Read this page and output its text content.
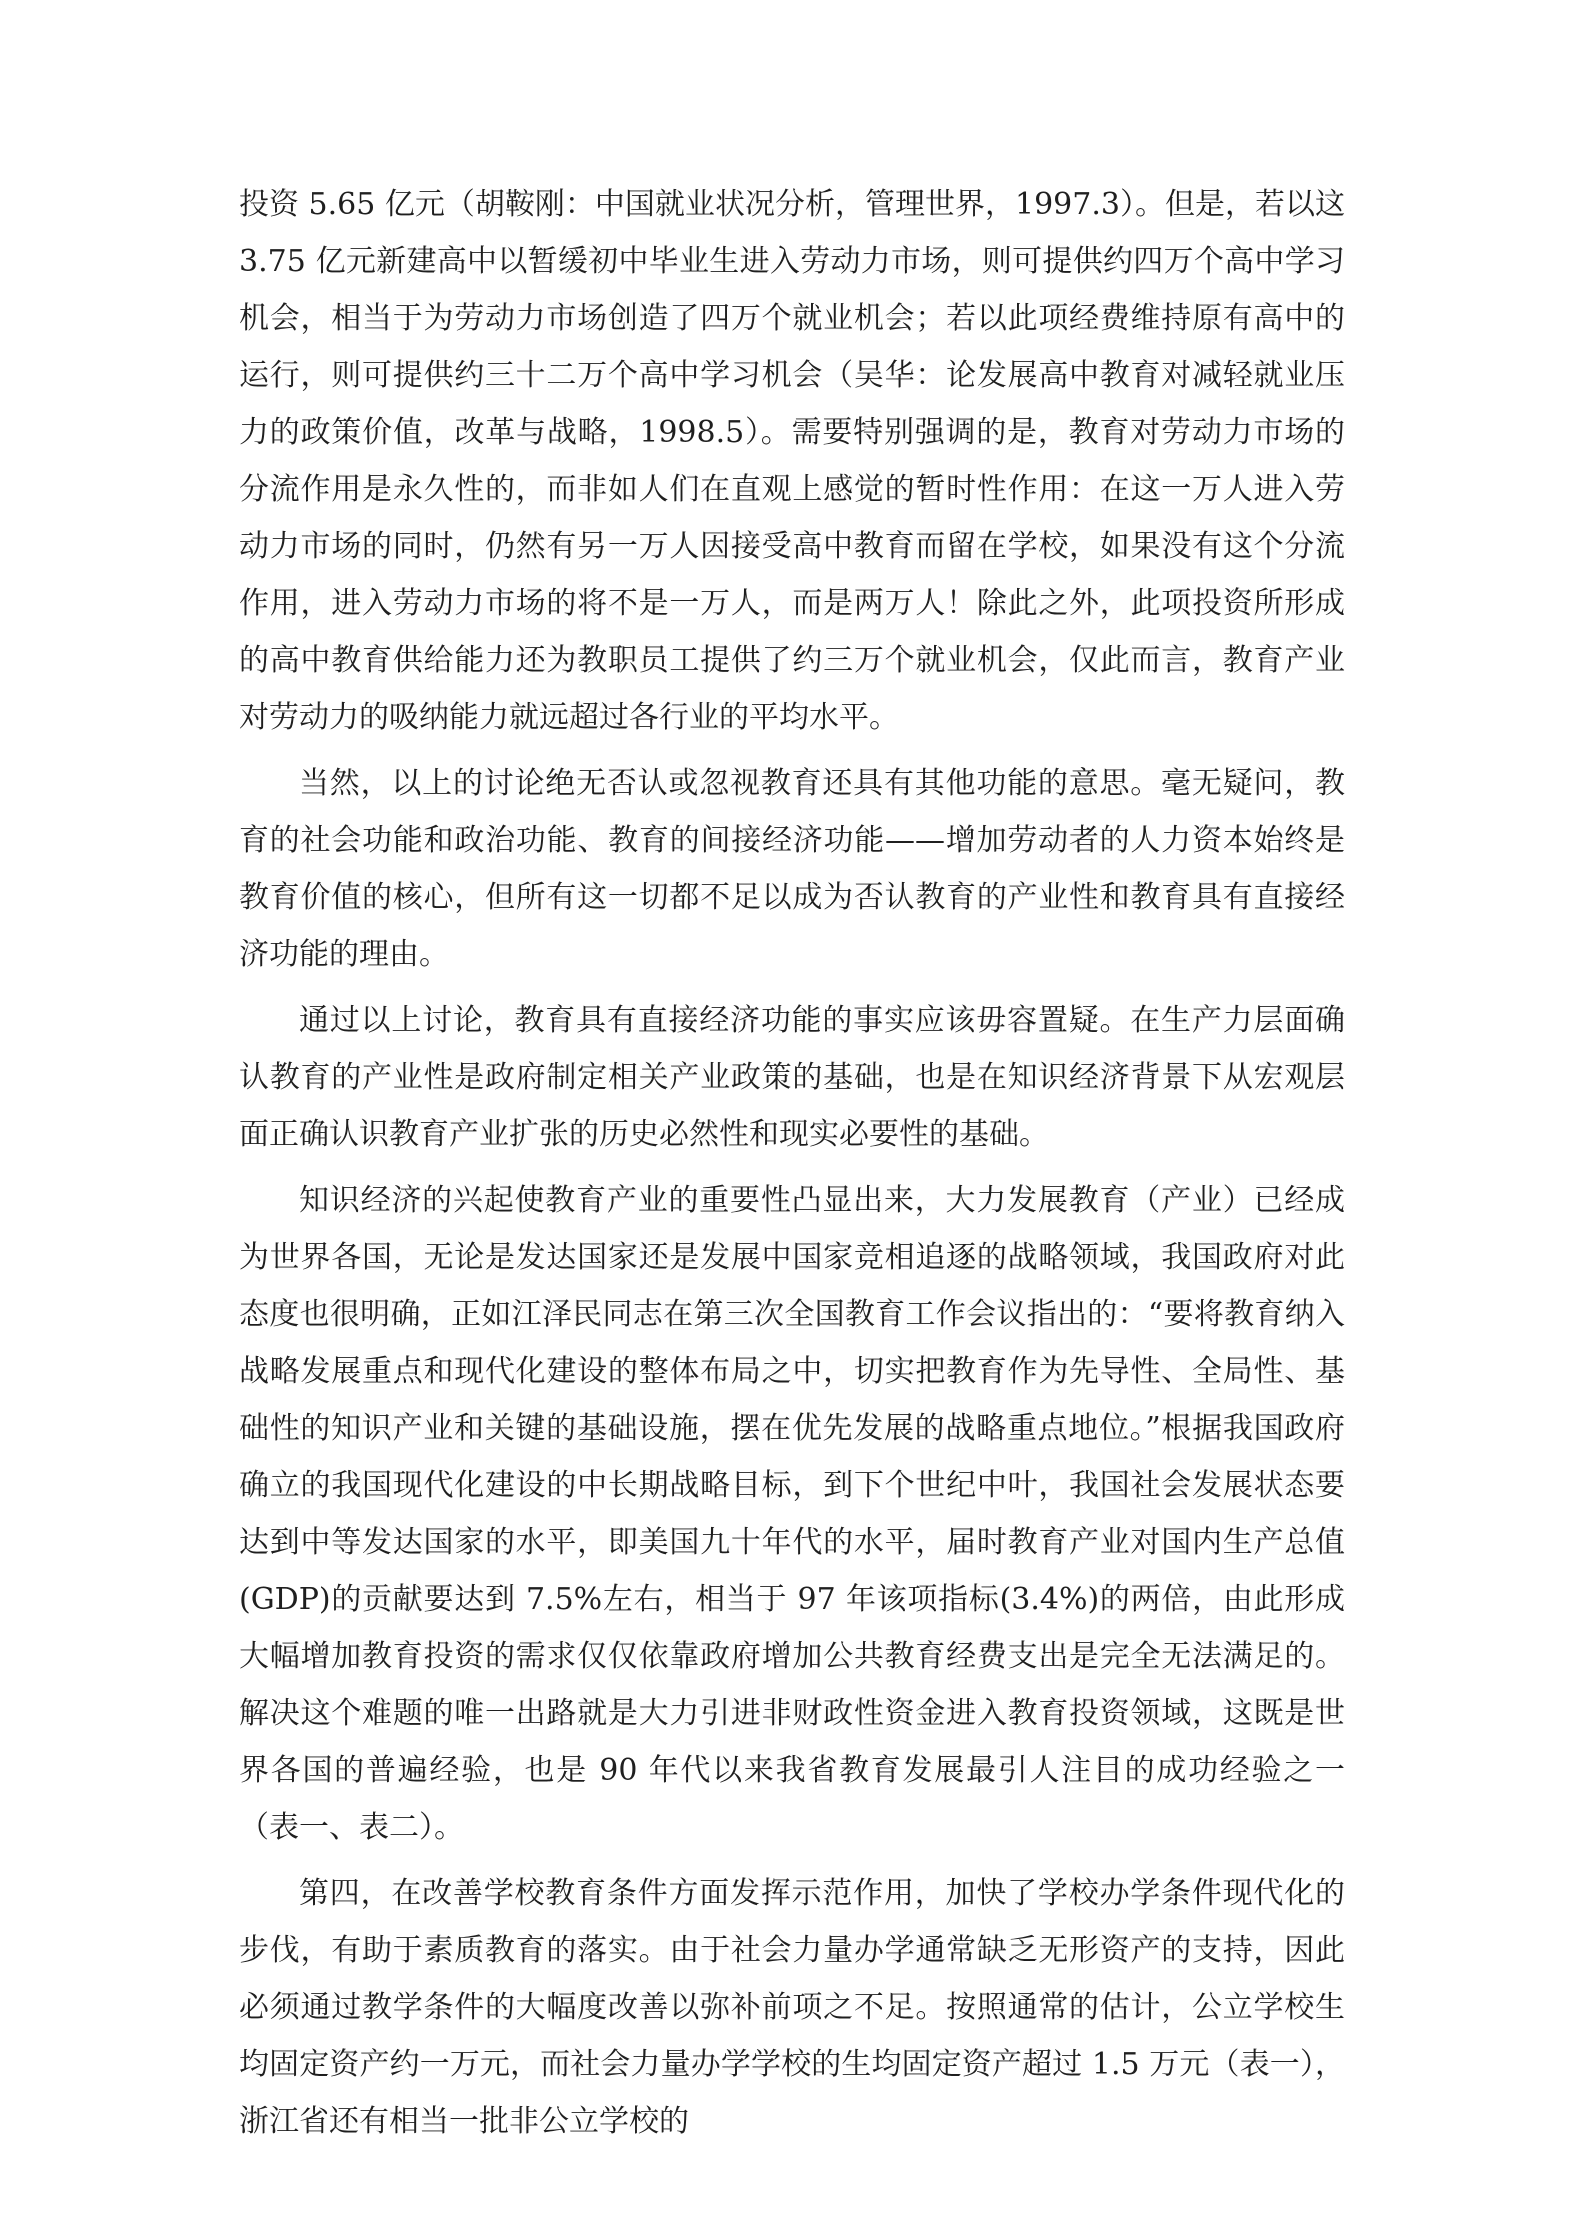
投资 5.65 亿元（胡鞍刚：中国就业状况分析，管理世界，1997.3）。但是，若以这 3.75 亿元新建高中以暂缓初中毕业生进入劳动力市场，则可提供约四万个高中学习机会，相当于为劳动力市场创造了四万个就业机会；若以此项经费维持原有高中的运行，则可提供约三十二万个高中学习机会（吴华：论发展高中教育对减轻就业压力的政策价值，改革与战略，1998.5）。需要特别强调的是，教育对劳动力市场的分流作用是永久性的，而非如人们在直观上感觉的暂时性作用：在这一万人进入劳动力市场的同时，仍然有另一万人因接受高中教育而留在学校，如果没有这个分流作用，进入劳动力市场的将不是一万人，而是两万人！除此之外，此项投资所形成的高中教育供给能力还为教职员工提供了约三万个就业机会，仅此而言，教育产业对劳动力的吸纳能力就远超过各行业的平均水平。

当然，以上的讨论绝无否认或忽视教育还具有其他功能的意思。毫无疑问，教育的社会功能和政治功能、教育的间接经济功能——增加劳动者的人力资本始终是教育价值的核心，但所有这一切都不足以成为否认教育的产业性和教育具有直接经济功能的理由。

通过以上讨论，教育具有直接经济功能的事实应该毋容置疑。在生产力层面确认教育的产业性是政府制定相关产业政策的基础，也是在知识经济背景下从宏观层面正确认识教育产业扩张的历史必然性和现实必要性的基础。

知识经济的兴起使教育产业的重要性凸显出来，大力发展教育（产业）已经成为世界各国，无论是发达国家还是发展中国家竞相追逐的战略领域，我国政府对此态度也很明确，正如江泽民同志在第三次全国教育工作会议指出的：“要将教育纳入战略发展重点和现代化建设的整体布局之中，切实把教育作为先导性、全局性、基础性的知识产业和关键的基础设施，摆在优先发展的战略重点地位。”根据我国政府确立的我国现代化建设的中长期战略目标，到下个世纪中叶，我国社会发展状态要达到中等发达国家的水平，即美国九十年代的水平，届时教育产业对国内生产总值(GDP)的贡献要达到 7.5%左右，相当于 97 年该项指标(3.4%)的两倍，由此形成大幅增加教育投资的需求仅仅依靠政府增加公共教育经费支出是完全无法满足的。解决这个难题的唯一出路就是大力引进非财政性资金进入教育投资领域，这既是世界各国的普遍经验，也是 90 年代以来我省教育发展最引人注目的成功经验之一（表一、表二）。

第四，在改善学校教育条件方面发挥示范作用，加快了学校办学条件现代化的步伐，有助于素质教育的落实。由于社会力量办学通常缺乏无形资产的支持，因此必须通过教学条件的大幅度改善以弥补前项之不足。按照通常的估计，公立学校生均固定资产约一万元，而社会力量办学学校的生均固定资产超过 1.5 万元（表一），浙江省还有相当一批非公立学校的
